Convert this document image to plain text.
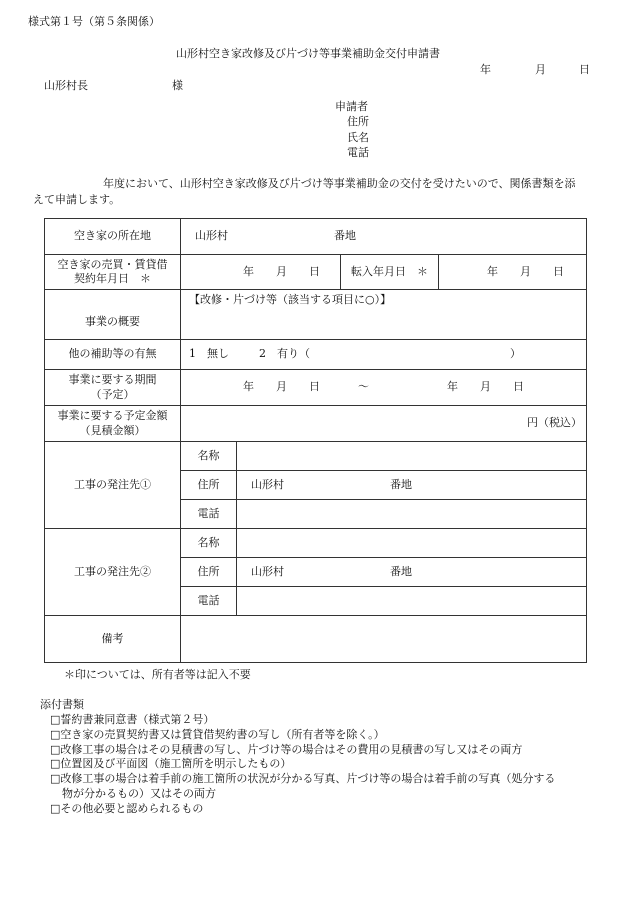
様式第１号（第５条関係）
山形村空き家改修及び片づけ等事業補助金交付申請書
年	月	日
山形村長	様
申請者
住所
氏名
電話
年度において、山形村空き家改修及び片づけ等事業補助金の交付を受けたいので、関係書類を添
えて申請します。
空き家の所在地	山形村 番地			

空き家の売買・賃貸借
契約年月日　＊	年 月 日		転入年月日　＊	年 月 日
事業の概要	【改修・片づけ等（該当する項目に○）】			
他の補助等の有無	1　無し 2　有り（ ）			

事業に要する期間
（予定）	年 月 日 ～ 年 月 日			

事業に要する予定金額
（見積金額）	円（税込）			
工事の発注先①	名称			
	住所	山形村 番地		
	電話			
工事の発注先②	名称			
	住所	山形村 番地		
	電話			
備考				
＊印については、所有者等は記入不要
添付書類
□誓約書兼同意書（様式第２号）
□空き家の売買契約書又は賃貸借契約書の写し（所有者等を除く。）
□改修工事の場合はその見積書の写し、片づけ等の場合はその費用の見積書の写し又はその両方
□位置図及び平面図（施工箇所を明示したもの）
□改修工事の場合は着手前の施工箇所の状況が分かる写真、片づけ等の場合は着手前の写真（処分する
物が分かるもの）又はその両方
□その他必要と認められるもの
